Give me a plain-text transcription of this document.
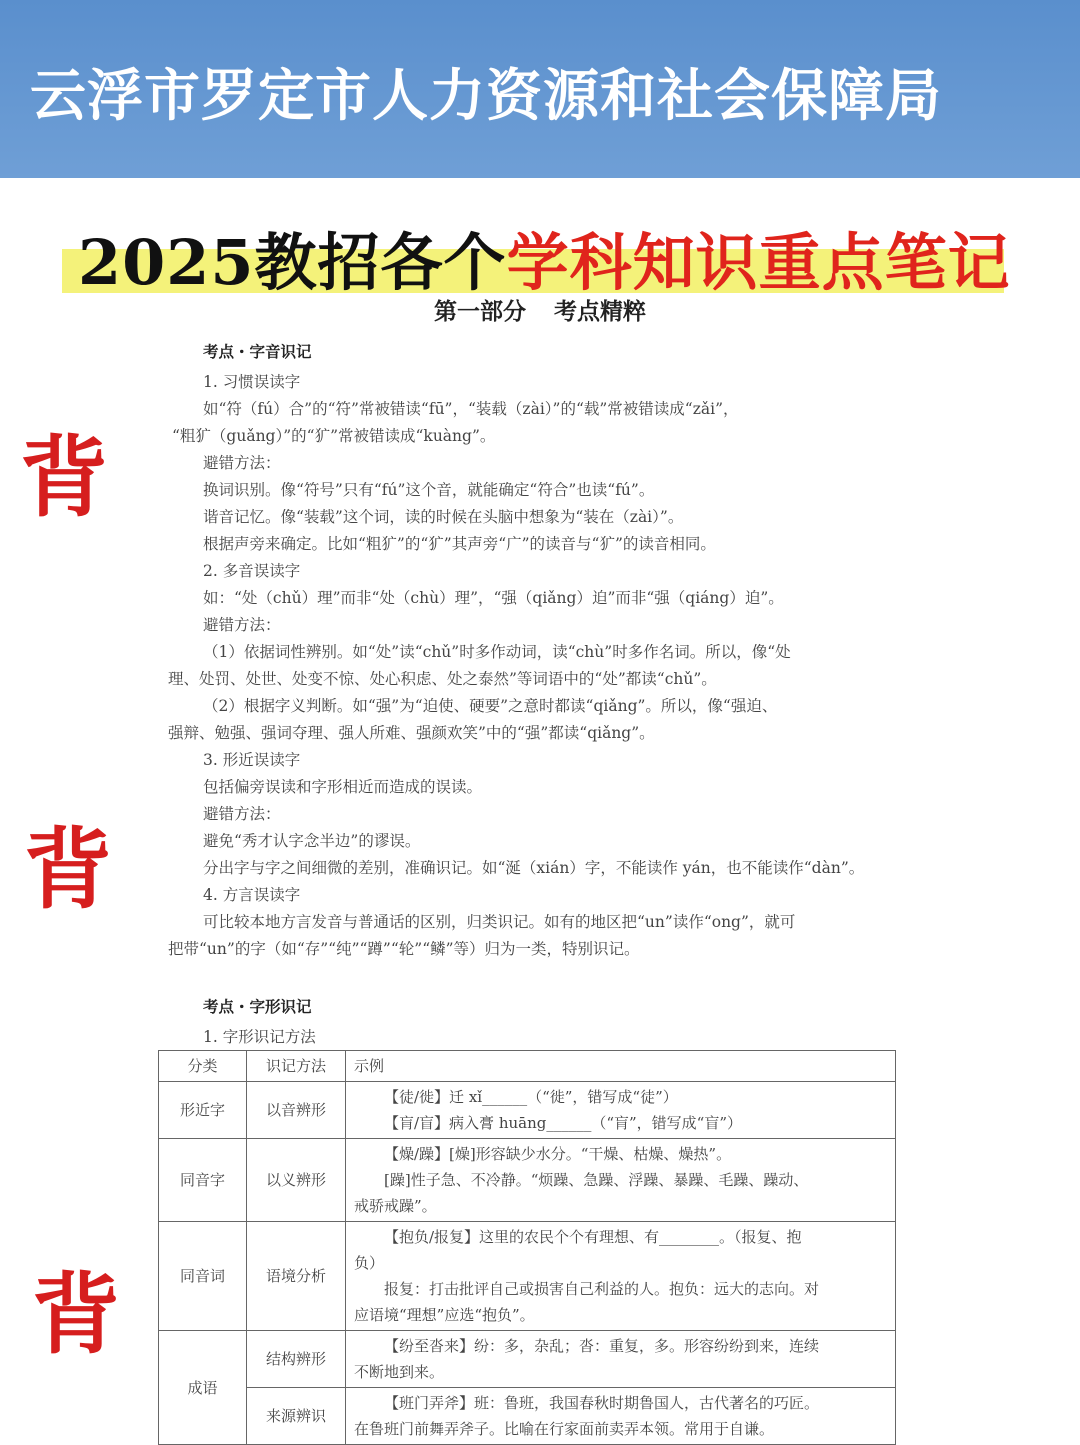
云浮市罗定市人力资源和社会保障局
2025教招各个学科知识重点笔记
第一部分 考点精粹
背
背
背
考点・字音识记
1. 习惯误读字
如“符（fú）合”的“符”常被错读“fū”，“装载（zài）”的“载”常被错读成“zǎi”，
“粗犷（guǎng）”的“犷”常被错读成“kuàng”。
避错方法：
换词识别。像“符号”只有“fú”这个音，就能确定“符合”也读“fú”。
谐音记忆。像“装载”这个词，读的时候在头脑中想象为“装在（zài）”。
根据声旁来确定。比如“粗犷”的“犷”其声旁“广”的读音与“犷”的读音相同。
2. 多音误读字
如：“处（chǔ）理”而非“处（chù）理”，“强（qiǎng）迫”而非“强（qiáng）迫”。
避错方法：
（1）依据词性辨别。如“处”读“chǔ”时多作动词，读“chù”时多作名词。所以，像“处
理、处罚、处世、处变不惊、处心积虑、处之泰然”等词语中的“处”都读“chǔ”。
（2）根据字义判断。如“强”为“迫使、硬要”之意时都读“qiǎng”。所以，像“强迫、
强辩、勉强、强词夺理、强人所难、强颜欢笑”中的“强”都读“qiǎng”。
3. 形近误读字
包括偏旁误读和字形相近而造成的误读。
避错方法：
避免“秀才认字念半边”的谬误。
分出字与字之间细微的差别，准确识记。如“涎（xián）字，不能读作 yán，也不能读作“dàn”。
4. 方言误读字
可比较本地方言发音与普通话的区别，归类识记。如有的地区把“un”读作“ong”，就可
把带“un”的字（如“存”“纯”“蹲”“轮”“鳞”等）归为一类，特别识记。
考点・字形识记
1. 字形识记方法
分类	识记方法	示例
形近字	以音辨形	【徒/徙】迁 xǐ______（“徙”，错写成“徒”）
【肓/盲】病入膏 huāng______（“肓”，错写成“盲”）

同音字	以义辨形	【燥/躁】[燥]形容缺少水分。“干燥、枯燥、燥热”。
[躁]性子急、不冷静。“烦躁、急躁、浮躁、暴躁、毛躁、躁动、
戒骄戒躁”。

同音词	语境分析	【抱负/报复】这里的农民个个有理想、有________。（报复、抱
负）
报复：打击批评自己或损害自己利益的人。抱负：远大的志向。对
应语境“理想”应选“抱负”。

成语	结构辨形	【纷至沓来】纷：多，杂乱；沓：重复，多。形容纷纷到来，连续
不断地到来。

	来源辨识	【班门弄斧】班：鲁班，我国春秋时期鲁国人，古代著名的巧匠。
在鲁班门前舞弄斧子。比喻在行家面前卖弄本领。常用于自谦。
